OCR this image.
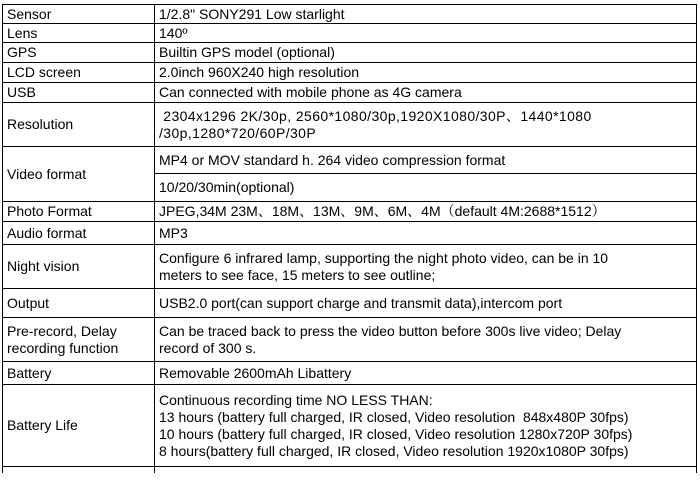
Sensor	1/2.8" SONY291 Low starlight
Lens	140º
GPS	Builtin GPS model (optional)
LCD screen	2.0inch 960X240 high resolution
USB	Can connected with mobile phone as 4G camera
Resolution	2304x1296 2K/30p, 2560*1080/30p,1920X1080/30P、1440*1080
/30p,1280*720/60P/30P

Video format	MP4 or MOV standard h. 264 video compression format
10/20/30min(optional)

Photo Format	JPEG,34M 23M、18M、13M、9M、6M、4M（default 4M:2688*1512）
Audio format	MP3
Night vision	Configure 6 infrared lamp, supporting the night photo video, can be in 10
meters to see face, 15 meters to see outline;

Output	USB2.0 port(can support charge and transmit data),intercom port

Pre-record, Delay
recording function	Can be traced back to press the video button before 300s live video; Delay
record of 300 s.

Battery	Removable 2600mAh Libattery
Battery Life	Continuous recording time NO LESS THAN:
13 hours (battery full charged, IR closed, Video resolution  848x480P 30fps)
10 hours (battery full charged, IR closed, Video resolution 1280x720P 30fps)
8 hours(battery full charged, IR closed, Video resolution 1920x1080P 30fps)
